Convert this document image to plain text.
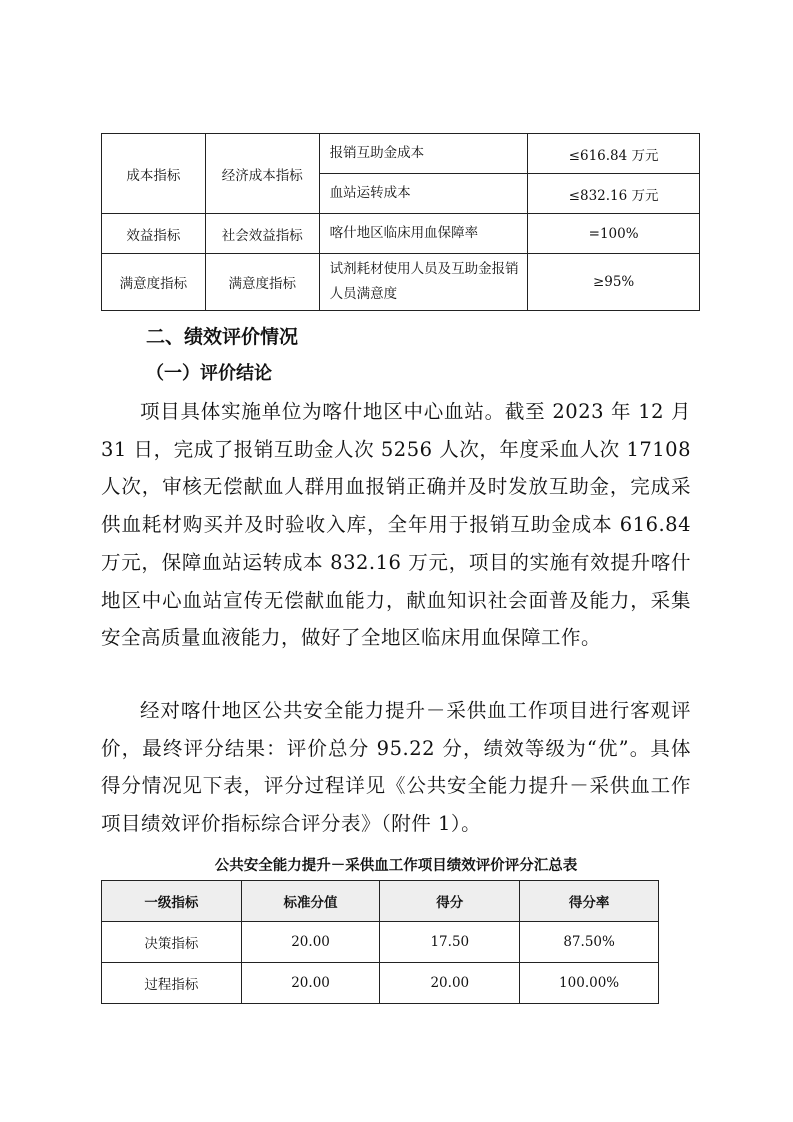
成本指标	经济成本指标	报销互助金成本	≤616.84 万元
		血站运转成本	≤832.16 万元
效益指标	社会效益指标	喀什地区临床用血保障率	=100%
满意度指标	满意度指标	试剂耗材使用人员及互助金报销人员满意度	≥95%
二、绩效评价情况
（一）评价结论

项目具体实施单位为喀什地区中心血站。截至 2023 年 12 月 31 日，完成了报销互助金人次 5256 人次，年度采血人次 17108 人次，审核无偿献血人群用血报销正确并及时发放互助金，完成采供血耗材购买并及时验收入库，全年用于报销互助金成本 616.84 万元，保障血站运转成本 832.16 万元，项目的实施有效提升喀什地区中心血站宣传无偿献血能力，献血知识社会面普及能力，采集安全高质量血液能力，做好了全地区临床用血保障工作。

经对喀什地区公共安全能力提升－采供血工作项目进行客观评价，最终评分结果：评价总分 95.22 分，绩效等级为“优”。具体得分情况见下表，评分过程详见《公共安全能力提升－采供血工作项目绩效评价指标综合评分表》（附件 1）。

公共安全能力提升－采供血工作项目绩效评价评分汇总表
一级指标	标准分值	得分	得分率
决策指标	20.00	17.50	87.50%
过程指标	20.00	20.00	100.00%
